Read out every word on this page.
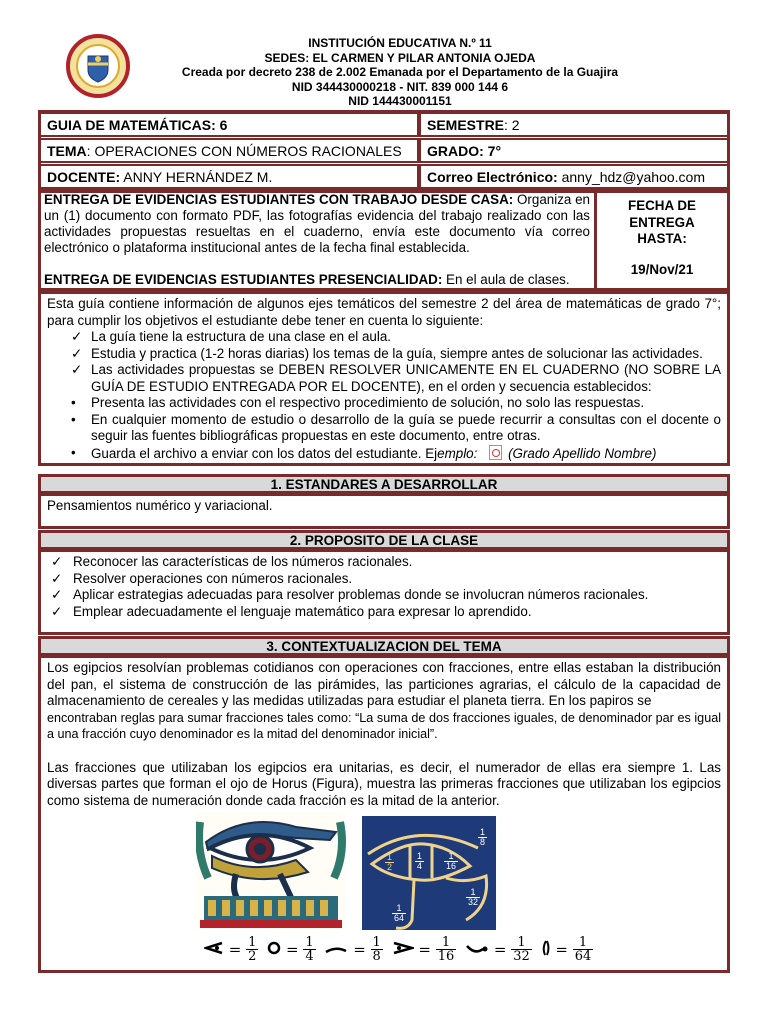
INSTITUCIÓN EDUCATIVA N.º 11
SEDES: EL CARMEN Y PILAR ANTONIA OJEDA
Creada por decreto 238 de 2.002 Emanada por el Departamento de la Guajira
NID 344430000218 - NIT. 839 000 144 6
NID 144430001151
GUIA DE MATEMÁTICAS: 6	SEMESTRE: 2
TEMA: OPERACIONES CON NÚMEROS RACIONALES	GRADO: 7°
DOCENTE: ANNY HERNÁNDEZ M.	Correo Electrónico: anny_hdz@yahoo.com
ENTREGA DE EVIDENCIAS ESTUDIANTES CON TRABAJO DESDE CASA: Organiza en un (1) documento con formato PDF, las fotografías evidencia del trabajo realizado con las actividades propuestas resueltas en el cuaderno, envía este documento vía correo electrónico o plataforma institucional antes de la fecha final establecida.
ENTREGA DE EVIDENCIAS ESTUDIANTES PRESENCIALIDAD: En el aula de clases.
FECHA DE ENTREGA HASTA:
19/Nov/21
Esta guía contiene información de algunos ejes temáticos del semestre 2 del área de matemáticas de grado 7°; para cumplir los objetivos el estudiante debe tener en cuenta lo siguiente:
✓ La guía tiene la estructura de una clase en el aula.
✓ Estudia y practica (1-2 horas diarias) los temas de la guía, siempre antes de solucionar las actividades.
✓ Las actividades propuestas se DEBEN RESOLVER UNICAMENTE EN EL CUADERNO (NO SOBRE LA GUÍA DE ESTUDIO ENTREGADA POR EL DOCENTE), en el orden y secuencia establecidos:
• Presenta las actividades con el respectivo procedimiento de solución, no solo las respuestas.
• En cualquier momento de estudio o desarrollo de la guía se puede recurrir a consultas con el docente o seguir las fuentes bibliográficas propuestas en este documento, entre otras.
• Guarda el archivo a enviar con los datos del estudiante. Ejemplo: (Grado Apellido Nombre)
1. ESTANDARES A DESARROLLAR
Pensamientos numérico y variacional.
2. PROPOSITO DE LA CLASE
✓ Reconocer las características de los números racionales.
✓ Resolver operaciones con números racionales.
✓ Aplicar estrategias adecuadas para resolver problemas donde se involucran números racionales.
✓ Emplear adecuadamente el lenguaje matemático para expresar lo aprendido.
3. CONTEXTUALIZACION DEL TEMA
Los egipcios resolvían problemas cotidianos con operaciones con fracciones, entre ellas estaban la distribución del pan, el sistema de construcción de las pirámides, las particiones agrarias, el cálculo de la capacidad de almacenamiento de cereales y las medidas utilizadas para estudiar el planeta tierra. En los papiros se
encontraban reglas para sumar fracciones tales como: “La suma de dos fracciones iguales, de denominador par es igual a una fracción cuyo denominador es la mitad del denominador inicial”.
Las fracciones que utilizaban los egipcios era unitarias, es decir, el numerador de ellas era siempre 1. Las diversas partes que forman el ojo de Horus (Figura), muestra las primeras fracciones que utilizaban los egipcios como sistema de numeración donde cada fracción es la mitad de la anterior.
1
2
1
4
1
8
1
16
1
32
1
64
= $\frac{1}{2} = \frac{1}{4}$	= $\frac{1}{8} = \frac{1}{16}$	= $\frac{1}{32} = \frac{1}{64}$
